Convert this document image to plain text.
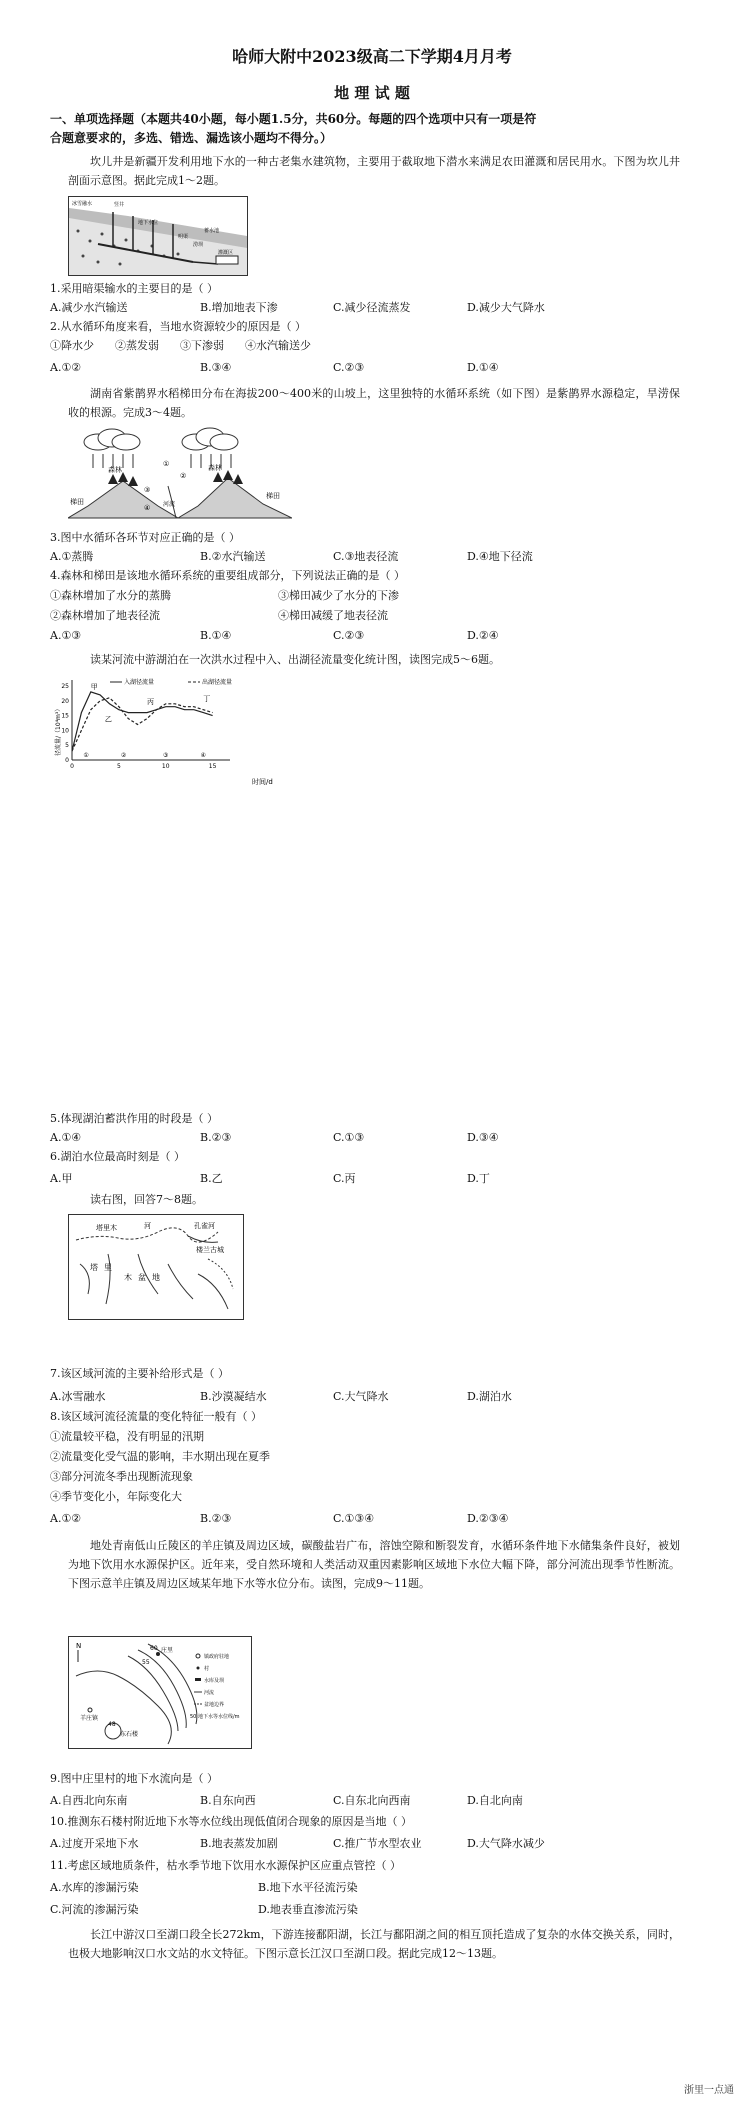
哈师大附中2023级高二下学期4月月考
地 理 试 题
一、单项选择题（本题共40小题，每小题1.5分，共60分。每题的四个选项中只有一项是符
合题意要求的，多选、错选、漏选该小题均不得分。）
坎儿井是新疆开发利用地下水的一种古老集水建筑物，主要用于截取地下潜水来满足农田灌溉和居民用水。下图为坎儿井剖面示意图。据此完成1～2题。
冰雪融水	竖井
地下水位
明渠
涝坝
蓄水池
灌溉区
1.采用暗渠输水的主要目的是（ ）
A.减少水汽输送	B.增加地表下渗	C.减少径流蒸发	D.减少大气降水
2.从水循环角度来看，当地水资源较少的原因是（ ）
①降水少 ②蒸发弱 ③下渗弱 ④水汽输送少
A.①②	B.③④	C.②③	D.①④
湖南省紫鹊界水稻梯田分布在海拔200～400米的山坡上，这里独特的水循环系统（如下图）是紫鹊界水源稳定，旱涝保收的根源。完成3～4题。
森林	森林
梯田
梯田
河流
①
②
③
④
3.图中水循环各环节对应正确的是（ ）
A.①蒸腾	B.②水汽输送	C.③地表径流	D.④地下径流
4.森林和梯田是该地水循环系统的重要组成部分，下列说法正确的是（ ）
①森林增加了水分的蒸腾	③梯田减少了水分的下渗
②森林增加了地表径流	④梯田减缓了地表径流
A.①③	B.①④	C.②③	D.②④
读某河流中游湖泊在一次洪水过程中入、出湖径流量变化统计图，读图完成5～6题。
径流量/（10⁴m³）
时间/d
0
5
10
15
20
25
0	5	10	15
入湖径流量	出湖径流量
甲
乙
丙	丁
①	②	③	④
5.体现湖泊蓄洪作用的时段是（ ）
A.①④	B.②③	C.①③	D.③④
6.湖泊水位最高时刻是（ ）
A.甲	B.乙	C.丙	D.丁
读右图，回答7～8题。
塔里木	河	孔雀河
楼兰古城
塔 里
木 盆 地
7.该区域河流的主要补给形式是（ ）
A.冰雪融水	B.沙漠凝结水	C.大气降水	D.湖泊水
8.该区域河流径流量的变化特征一般有（ ）
①流量较平稳，没有明显的汛期
②流量变化受气温的影响，丰水期出现在夏季
③部分河流冬季出现断流现象
④季节变化小，年际变化大
A.①②	B.②③	C.①③④	D.②③④
地处青南低山丘陵区的羊庄镇及周边区域，碳酸盐岩广布，溶蚀空隙和断裂发育，水循环条件地下水储集条件良好，被划为地下饮用水水源保护区。近年来，受自然环境和人类活动双重因素影响区域地下水位大幅下降，部分河流出现季节性断流。下图示意羊庄镇及周边区域某年地下水等水位分布。读图，完成9～11题。
N
庄里
55
60
羊庄镇
48
东石楼
镇政府驻地
村
水库及坝
河流
盆地边界
50 地下水等水位线/m
9.图中庄里村的地下水流向是（ ）
A.自西北向东南	B.自东向西	C.自东北向西南	D.自北向南
10.推测东石楼村附近地下水等水位线出现低值闭合现象的原因是当地（ ）
A.过度开采地下水	B.地表蒸发加剧	C.推广节水型农业	D.大气降水减少
11.考虑区域地质条件，枯水季节地下饮用水水源保护区应重点管控（ ）
A.水库的渗漏污染	B.地下水平径流污染
C.河流的渗漏污染	D.地表垂直渗流污染
长江中游汉口至湖口段全长272km，下游连接鄱阳湖，长江与鄱阳湖之间的相互顶托造成了复杂的水体交换关系，同时，也极大地影响汉口水文站的水文特征。下图示意长江汉口至湖口段。据此完成12～13题。
浙里一点通
